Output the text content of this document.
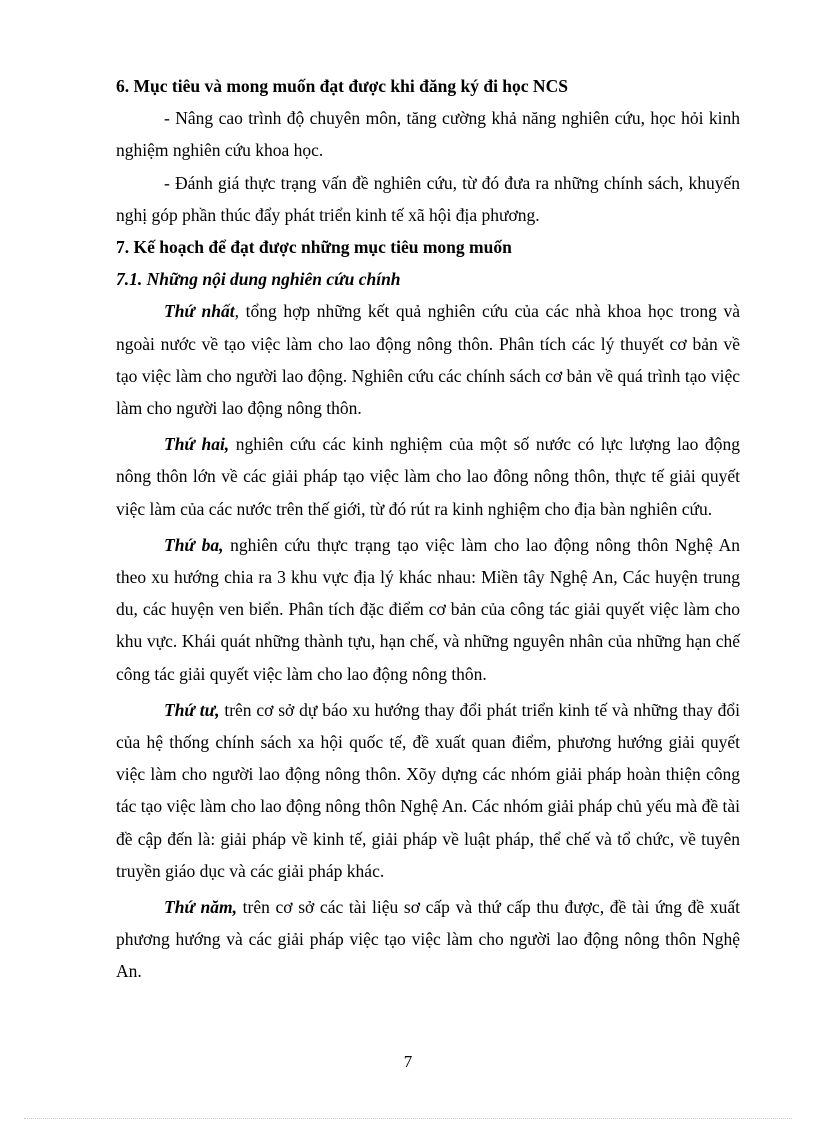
6. Mục tiêu và mong muốn đạt được khi đăng ký đi học NCS

- Nâng cao trình độ chuyên môn, tăng cường khả năng nghiên cứu, học hỏi kinh nghiệm nghiên cứu khoa học.

- Đánh giá thực trạng vấn đề nghiên cứu, từ đó đưa ra những chính sách, khuyến nghị góp phần thúc đẩy phát triển kinh tế xã hội địa phương.

7. Kế hoạch để đạt được những mục tiêu mong muốn

7.1. Những nội dung nghiên cứu chính

Thứ nhất, tổng hợp những kết quả nghiên cứu của các nhà khoa học trong và ngoài nước về tạo việc làm cho lao động nông thôn. Phân tích các lý thuyết cơ bản về tạo việc làm cho người lao động. Nghiên cứu các chính sách cơ bản về quá trình tạo việc làm cho người lao động nông thôn.

Thứ hai, nghiên cứu các kinh nghiệm của một số nước có lực lượng lao động nông thôn lớn về các giải pháp tạo việc làm cho lao đông nông thôn, thực tế giải quyết việc làm của các nước trên thế giới, từ đó rút ra kinh nghiệm cho địa bàn nghiên cứu.

Thứ ba, nghiên cứu thực trạng tạo việc làm cho lao động nông thôn Nghệ An theo xu hướng chia ra 3 khu vực địa lý khác nhau: Miền tây Nghệ An, Các huyện trung du, các huyện ven biển. Phân tích đặc điểm cơ bản của công tác giải quyết việc làm cho khu vực. Khái quát những thành tựu, hạn chế, và những nguyên nhân của những hạn chế công tác giải quyết việc làm cho lao động nông thôn.

Thứ tư, trên cơ sở dự báo xu hướng thay đổi phát triển kinh tế và những thay đổi của hệ thống chính sách xa hội quốc tế, đề xuất quan điểm, phương hướng giải quyết việc làm cho người lao động nông thôn. Xõy dựng các nhóm giải pháp hoàn thiện công tác tạo việc làm cho lao động nông thôn Nghệ An. Các nhóm giải pháp chủ yếu mà đề tài đề cập đến là: giải pháp về kinh tế, giải pháp về luật pháp, thể chế và tổ chức, về tuyên truyền giáo dục và các giải pháp khác.

Thứ năm, trên cơ sở các tài liệu sơ cấp và thứ cấp thu được, đề tài ứng đề xuất phương hướng và các giải pháp việc tạo việc làm cho người lao động nông thôn Nghệ An.

7
